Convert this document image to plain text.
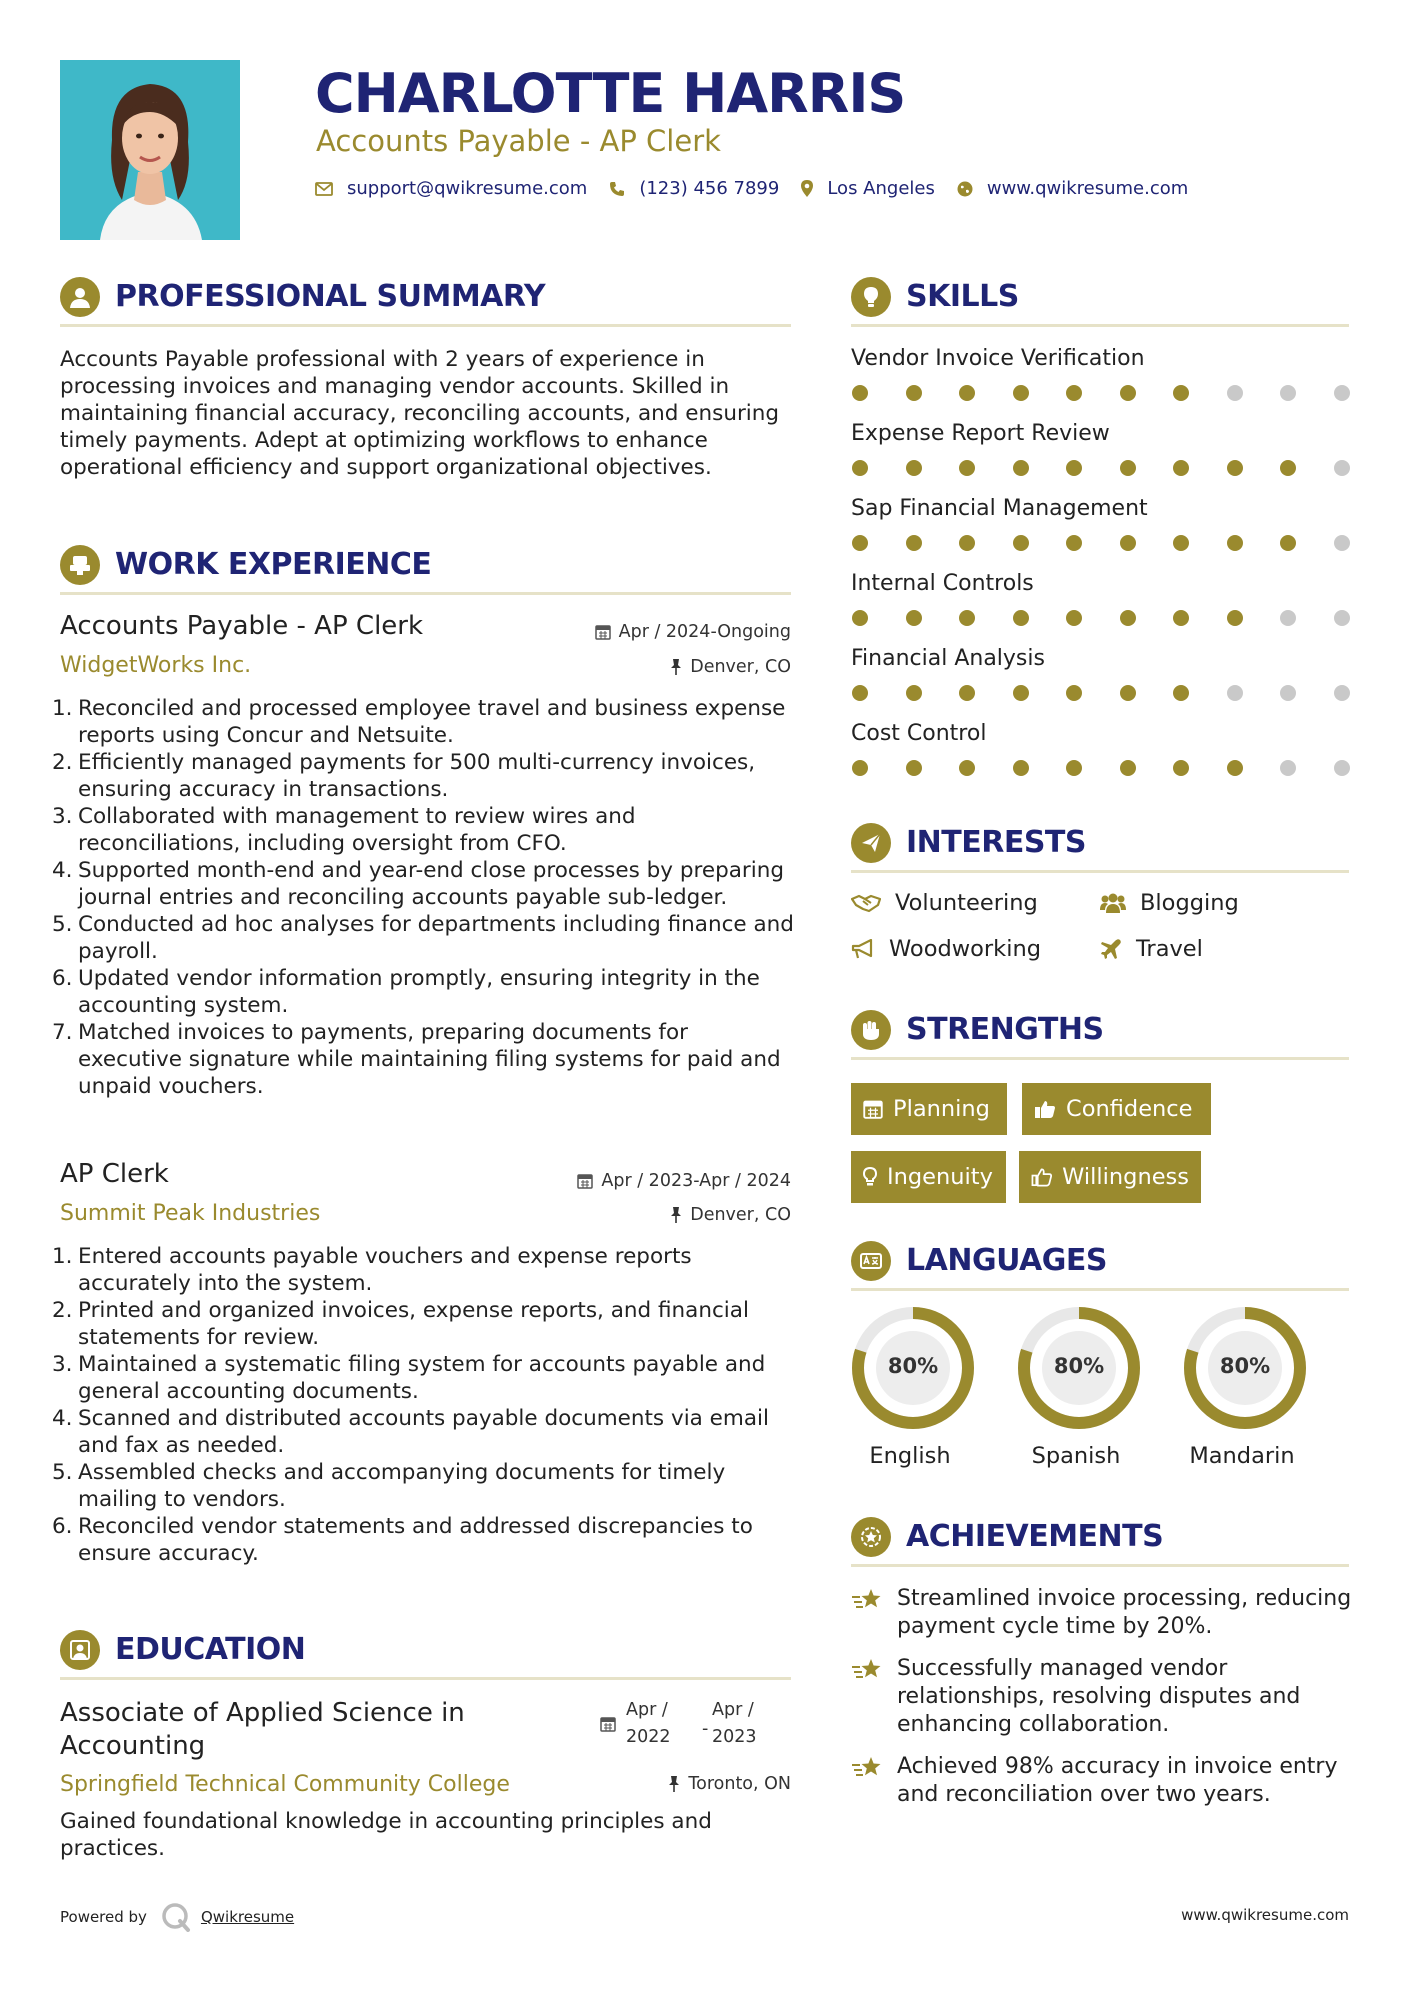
CHARLOTTE HARRIS
Accounts Payable - AP Clerk
support@qwikresume.com	(123) 456 7899	Los Angeles	www.qwikresume.com
PROFESSIONAL SUMMARY
Accounts Payable professional with 2 years of experience in processing invoices and managing vendor accounts. Skilled in maintaining financial accuracy, reconciling accounts, and ensuring timely payments. Adept at optimizing workflows to enhance operational efficiency and support organizational objectives.
WORK EXPERIENCE
Accounts Payable - AP Clerk	Apr / 2024-Ongoing
WidgetWorks Inc.	Denver, CO
1. Reconciled and processed employee travel and business expense reports using Concur and Netsuite.
2. Efficiently managed payments for 500 multi-currency invoices, ensuring accuracy in transactions.
3. Collaborated with management to review wires and reconciliations, including oversight from CFO.
4. Supported month-end and year-end close processes by preparing journal entries and reconciling accounts payable sub-ledger.
5. Conducted ad hoc analyses for departments including finance and payroll.
6. Updated vendor information promptly, ensuring integrity in the accounting system.
7. Matched invoices to payments, preparing documents for executive signature while maintaining filing systems for paid and unpaid vouchers.
AP Clerk	Apr / 2023-Apr / 2024
Summit Peak Industries	Denver, CO
1. Entered accounts payable vouchers and expense reports accurately into the system.
2. Printed and organized invoices, expense reports, and financial statements for review.
3. Maintained a systematic filing system for accounts payable and general accounting documents.
4. Scanned and distributed accounts payable documents via email and fax as needed.
5. Assembled checks and accompanying documents for timely mailing to vendors.
6. Reconciled vendor statements and addressed discrepancies to ensure accuracy.
EDUCATION
Associate of Applied Science in Accounting
Apr / 2022	-
Apr / 2023
Springfield Technical Community College	Toronto, ON
Gained foundational knowledge in accounting principles and practices.
SKILLS
Vendor Invoice Verification
Expense Report Review
Sap Financial Management
Internal Controls
Financial Analysis
Cost Control
INTERESTS
Volunteering	Blogging
Woodworking	Travel
STRENGTHS
Planning	Confidence
Ingenuity	Willingness
LANGUAGES
80%
English
80%
Spanish
80%
Mandarin
ACHIEVEMENTS
Streamlined invoice processing, reducing payment cycle time by 20%.
Successfully managed vendor relationships, resolving disputes and enhancing collaboration.
Achieved 98% accuracy in invoice entry and reconciliation over two years.
Powered by	Qwikresume	www.qwikresume.com
